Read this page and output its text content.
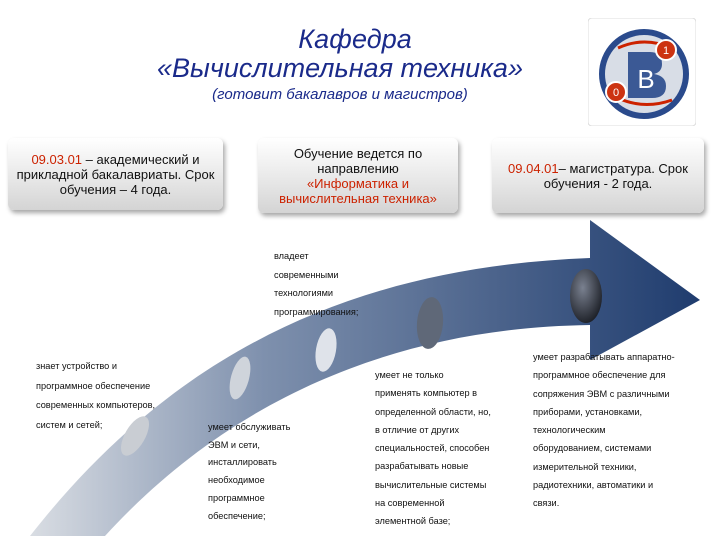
Кафедра
«Вычислительная техника»
(готовит бакалавров и магистров)
1
0 B
09.03.01 – академический и прикладной бакалавриаты. Срок обучения – 4 года.
Обучение ведется по направлению
«Информатика и вычислительная техника»
09.04.01– магистратура. Срок обучения - 2 года.
знает устройство и
программное обеспечение
современных компьютеров,
систем и сетей;	умеет обслуживать
ЭВМ и сети,
инсталлировать
необходимое
программное
обеспечение;
умеет не только
применять компьютер в
определенной области, но,
в отличие от других
специальностей, способен
разрабатывать новые
вычислительные системы
на современной
элементной базе;
умеет разрабатывать аппаратно-
программное обеспечение для
сопряжения ЭВМ с различными
приборами, установками,
технологическим
оборудованием, системами
измерительной техники,
радиотехники, автоматики и
связи.
владеет
современными
технологиями
программирования;
